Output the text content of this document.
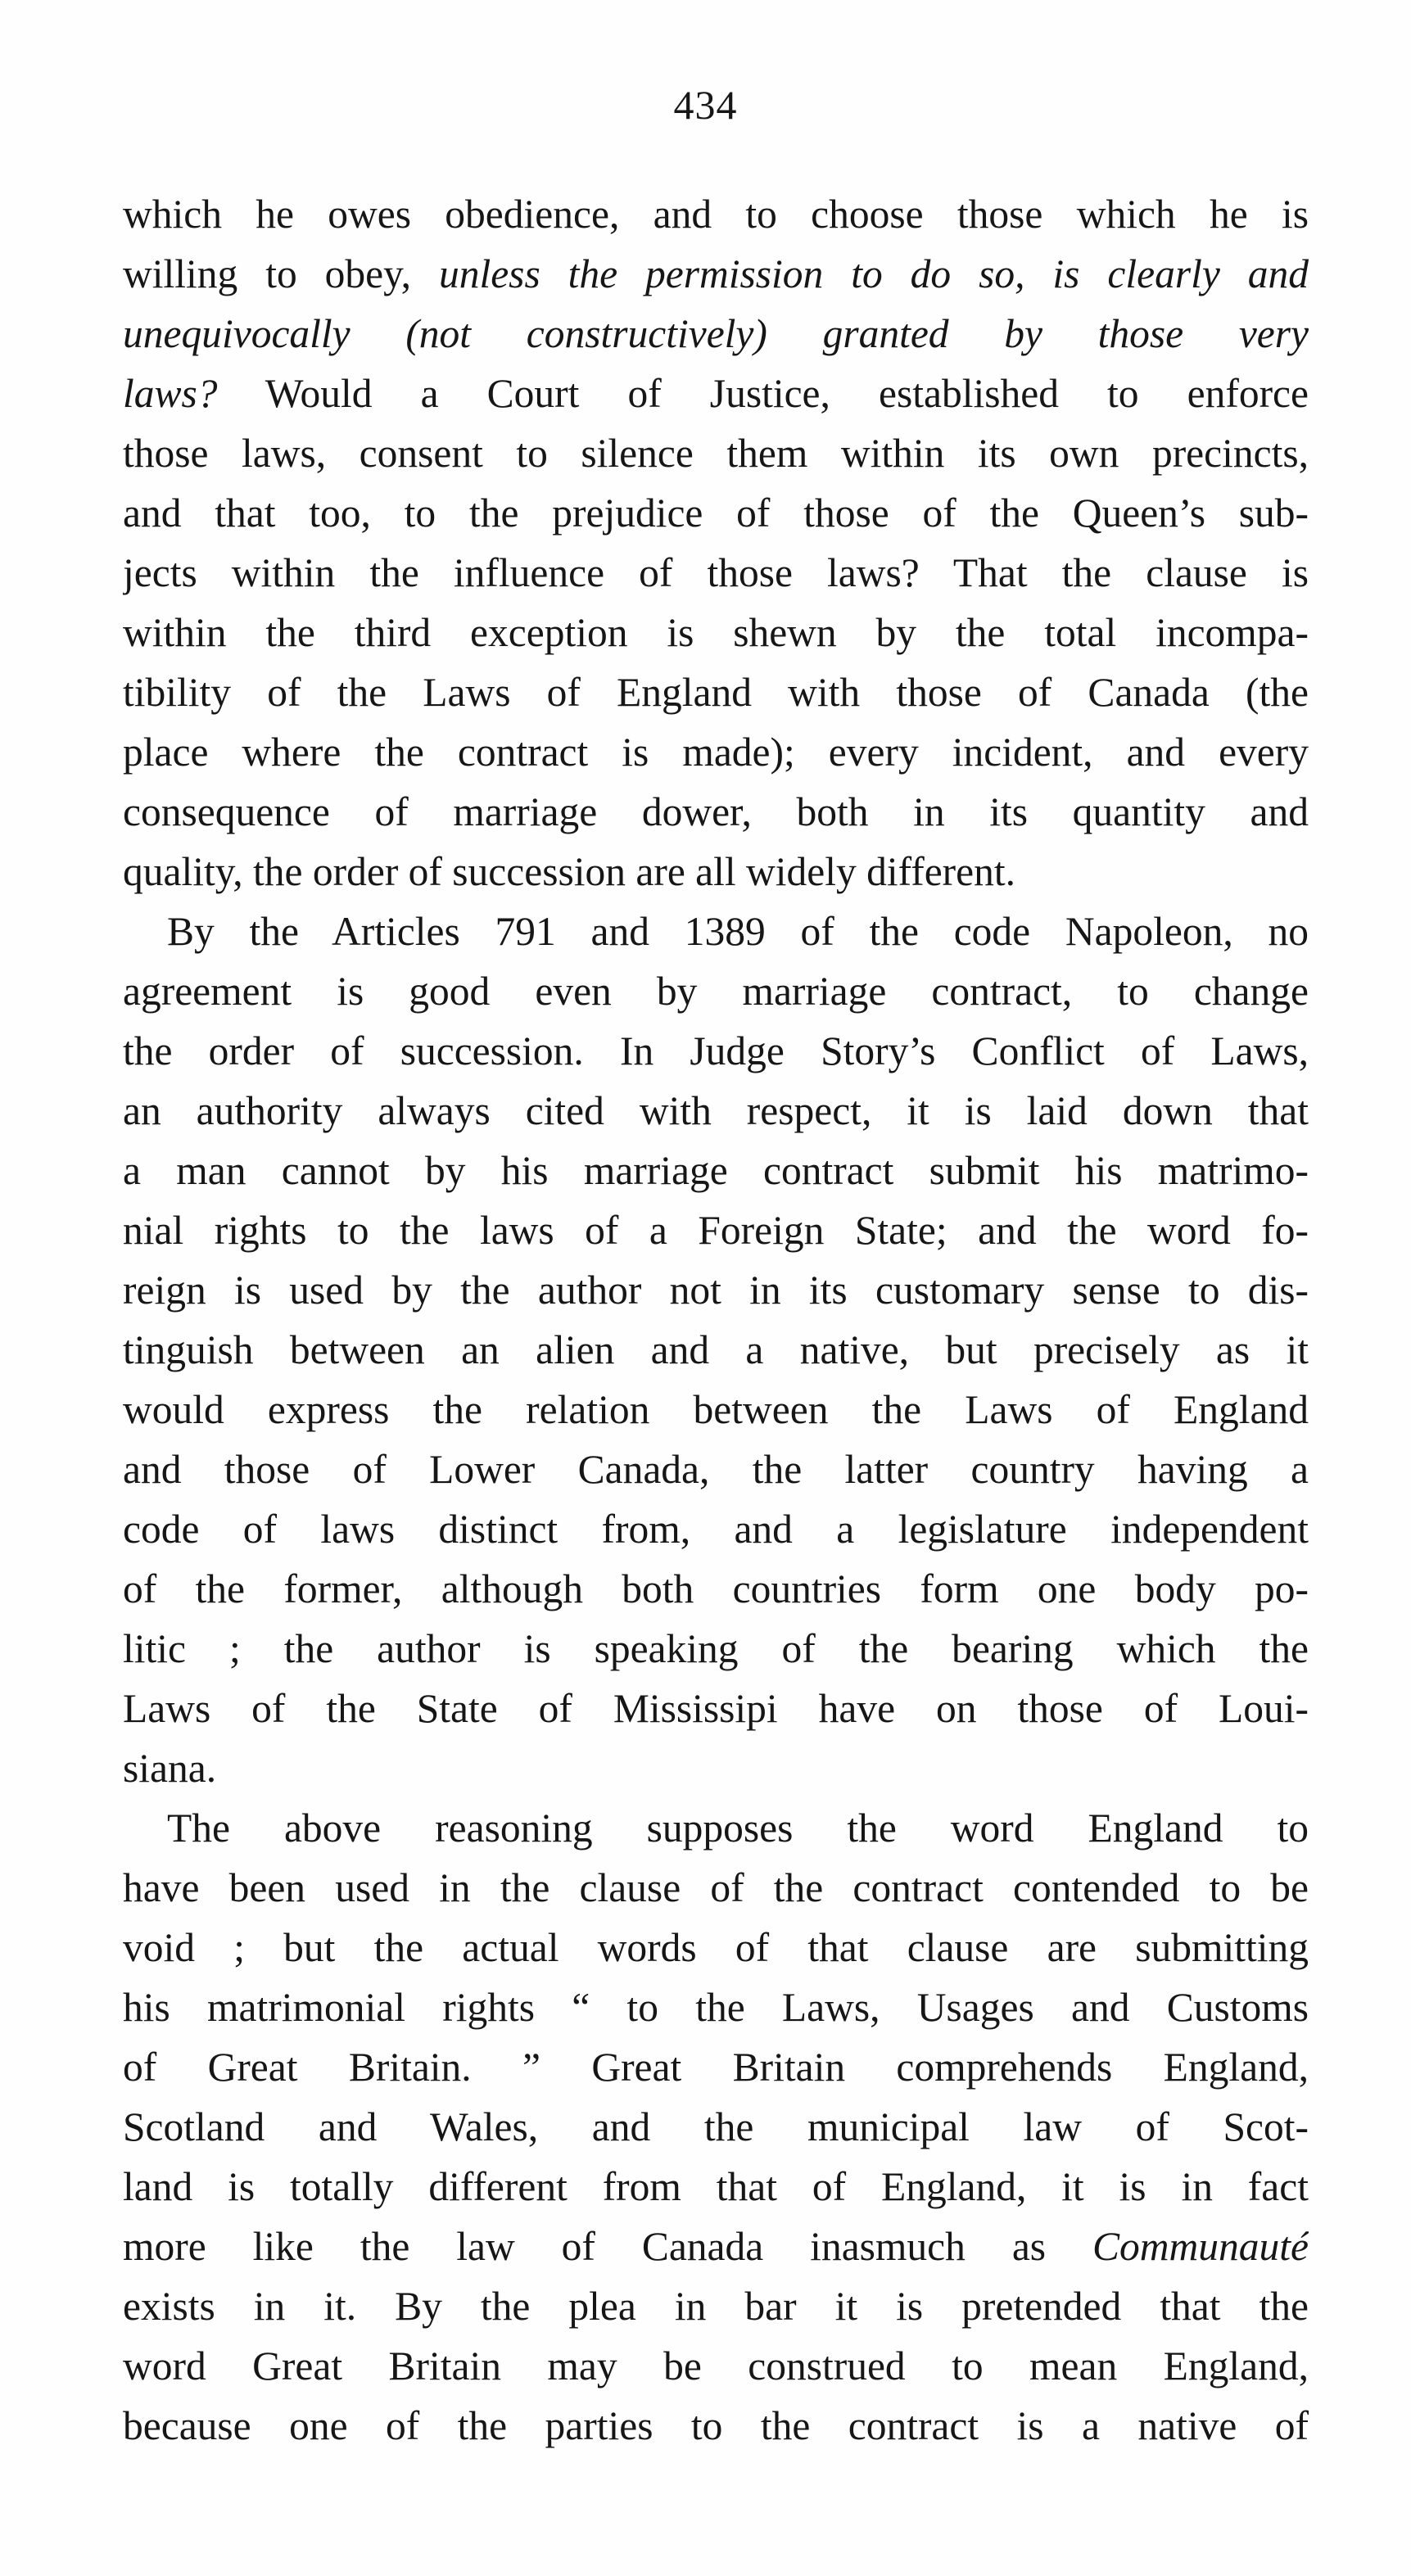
434
which he owes obedience, and to choose those which he is
willing to obey, unless the permission to do so, is clearly and
unequivocally (not constructively) granted by those very
laws? Would a Court of Justice, established to enforce
those laws, consent to silence them within its own precincts,
and that too, to the prejudice of those of the Queen’s sub-
jects within the influence of those laws? That the clause is
within the third exception is shewn by the total incompa-
tibility of the Laws of England with those of Canada (the
place where the contract is made); every incident, and every
consequence of marriage dower, both in its quantity and
quality, the order of succession are all widely different.
By the Articles 791 and 1389 of the code Napoleon, no
agreement is good even by marriage contract, to change
the order of succession. In Judge Story’s Conflict of Laws,
an authority always cited with respect, it is laid down that
a man cannot by his marriage contract submit his matrimo-
nial rights to the laws of a Foreign State; and the word fo-
reign is used by the author not in its customary sense to dis-
tinguish between an alien and a native, but precisely as it
would express the relation between the Laws of England
and those of Lower Canada, the latter country having a
code of laws distinct from, and a legislature independent
of the former, although both countries form one body po-
litic ; the author is speaking of the bearing which the
Laws of the State of Mississipi have on those of Loui-
siana.
The above reasoning supposes the word England to
have been used in the clause of the contract contended to be
void ; but the actual words of that clause are submitting
his matrimonial rights “ to the Laws, Usages and Customs
of Great Britain. ” Great Britain comprehends England,
Scotland and Wales, and the municipal law of Scot-
land is totally different from that of England, it is in fact
more like the law of Canada inasmuch as Communauté
exists in it. By the plea in bar it is pretended that the
word Great Britain may be construed to mean England,
because one of the parties to the contract is a native of
